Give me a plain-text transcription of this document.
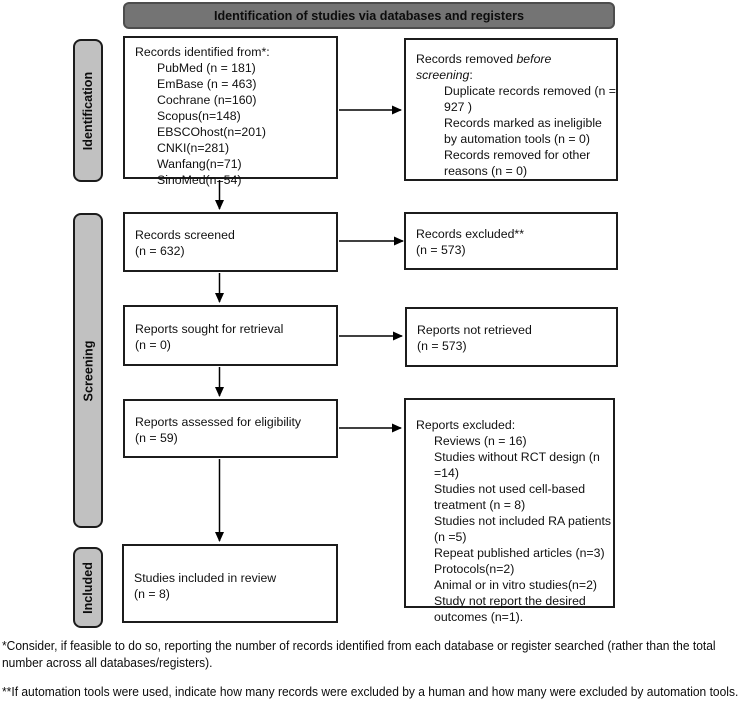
Identification of studies via databases and registers
Identification
Screening
Included
Records identified from*:
PubMed (n = 181)
EmBase (n = 463)
Cochrane (n=160)
Scopus(n=148)
EBSCOhost(n=201)
CNKI(n=281)
Wanfang(n=71)
SinoMed(n=54)
Records screened
(n = 632)
Reports sought for retrieval
(n = 0)
Reports assessed for eligibility
(n = 59)
Studies included in review
(n = 8)
Records removed before screening:
Duplicate records removed (n = 927 )
Records marked as ineligible by automation tools (n = 0)
Records removed for other reasons (n = 0)
Records excluded**
(n = 573)
Reports not retrieved
(n = 573)
Reports excluded:
Reviews (n = 16)
Studies without RCT design (n =14)
Studies not used cell-based treatment (n = 8)
Studies not included RA patients (n =5)
Repeat published articles (n=3)
Protocols(n=2)
Animal or in vitro studies(n=2)
Study not report the desired outcomes (n=1).

*Consider, if feasible to do so, reporting the number of records identified from each database or register searched (rather than the total number across all databases/registers).

**If automation tools were used, indicate how many records were excluded by a human and how many were excluded by automation tools.
